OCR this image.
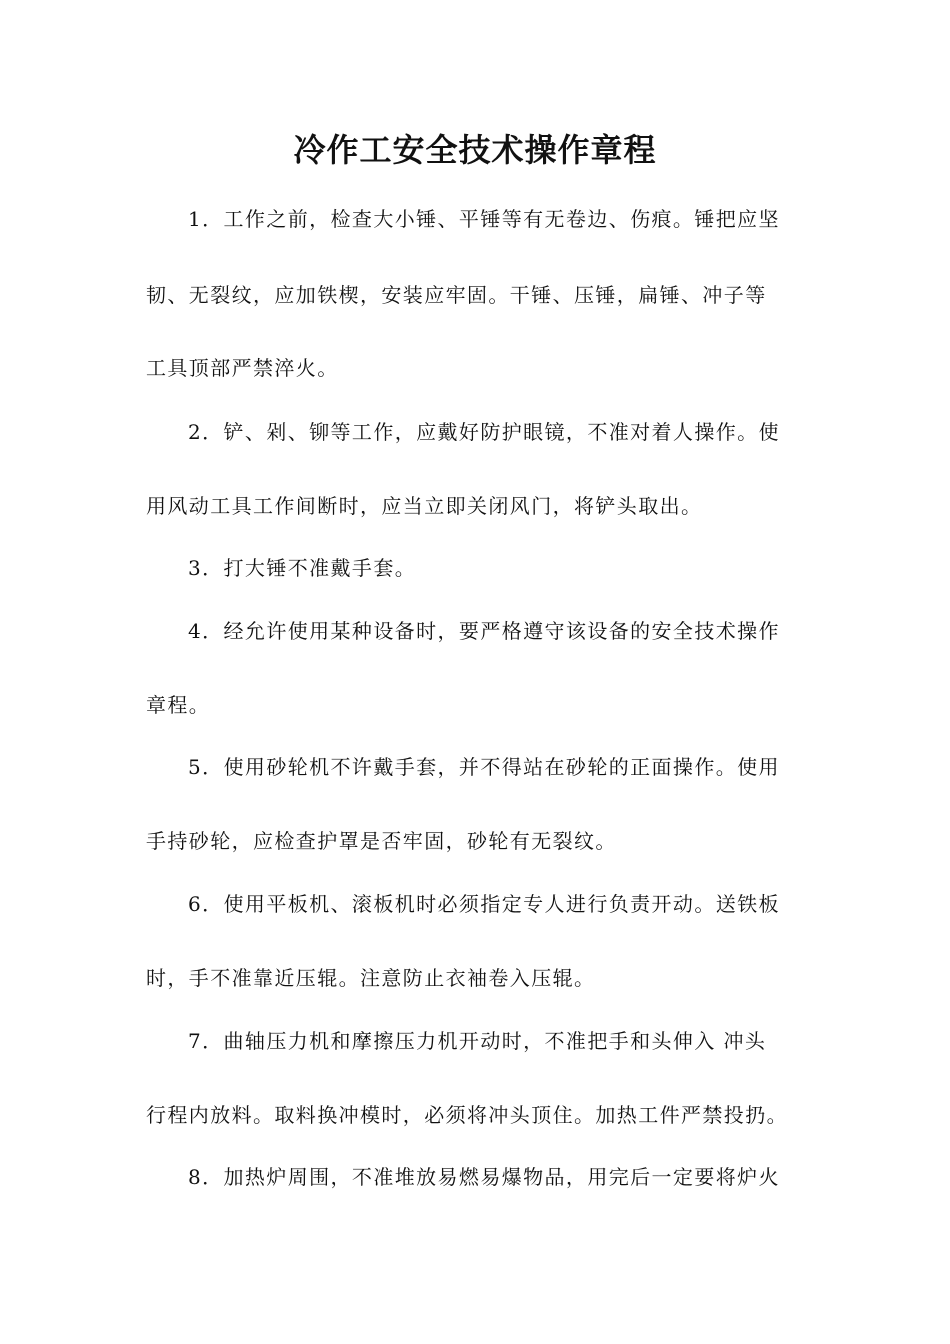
冷作工安全技术操作章程
1．工作之前，检查大小锤、平锤等有无卷边、伤痕。锤把应坚
韧、无裂纹，应加铁楔，安装应牢固。干锤、压锤，扁锤、冲子等
工具顶部严禁淬火。
2．铲、剁、铆等工作，应戴好防护眼镜，不准对着人操作。使
用风动工具工作间断时，应当立即关闭风门，将铲头取出。
3．打大锤不准戴手套。
4．经允许使用某种设备时，要严格遵守该设备的安全技术操作
章程。
5．使用砂轮机不许戴手套，并不得站在砂轮的正面操作。使用
手持砂轮，应检查护罩是否牢固，砂轮有无裂纹。
6．使用平板机、滚板机时必须指定专人进行负责开动。送铁板
时，手不准靠近压辊。注意防止衣袖卷入压辊。
7．曲轴压力机和摩擦压力机开动时，不准把手和头伸入 冲头
行程内放料。取料换冲模时，必须将冲头顶住。加热工件严禁投扔。
8．加热炉周围，不准堆放易燃易爆物品，用完后一定要将炉火
